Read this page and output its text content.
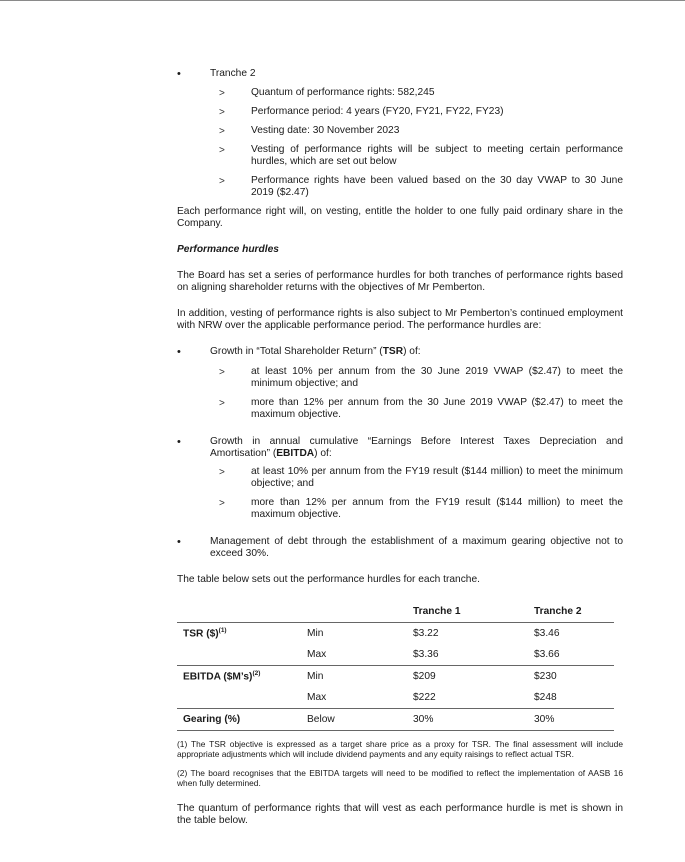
•	Tranche 2
>	Quantum of performance rights: 582,245
>	Performance period: 4 years (FY20, FY21, FY22, FY23)
>	Vesting date: 30 November 2023
>	Vesting of performance rights will be subject to meeting certain performance hurdles, which are set out below
>	Performance rights have been valued based on the 30 day VWAP to 30 June 2019 ($2.47)
Each performance right will, on vesting, entitle the holder to one fully paid ordinary share in the Company.
Performance hurdles
The Board has set a series of performance hurdles for both tranches of performance rights based on aligning shareholder returns with the objectives of Mr Pemberton.
In addition, vesting of performance rights is also subject to Mr Pemberton’s continued employment with NRW over the applicable performance period. The performance hurdles are:
•	Growth in “Total Shareholder Return” (TSR) of:
>	at least 10% per annum from the 30 June 2019 VWAP ($2.47) to meet the minimum objective; and
>	more than 12% per annum from the 30 June 2019 VWAP ($2.47) to meet the maximum objective.
•	Growth in annual cumulative “Earnings Before Interest Taxes Depreciation and Amortisation” (EBITDA) of:
>	at least 10% per annum from the FY19 result ($144 million) to meet the minimum objective; and
>	more than 12% per annum from the FY19 result ($144 million) to meet the maximum objective.
•	Management of debt through the establishment of a maximum gearing objective not to exceed 30%.
The table below sets out the performance hurdles for each tranche.
		Tranche 1	Tranche 2
TSR ($)$^{(1)}$	Min	$3.22	$3.46
	Max	$3.36	$3.66
EBITDA ($M’s)$^{(2)}$	Min	$209	$230
	Max	$222	$248
Gearing (%)	Below	30%	30%
(1) The TSR objective is expressed as a target share price as a proxy for TSR. The final assessment will include appropriate adjustments which will include dividend payments and any equity raisings to reflect actual TSR.
(2) The board recognises that the EBITDA targets will need to be modified to reflect the implementation of AASB 16 when fully determined.
The quantum of performance rights that will vest as each performance hurdle is met is shown in the table below.
